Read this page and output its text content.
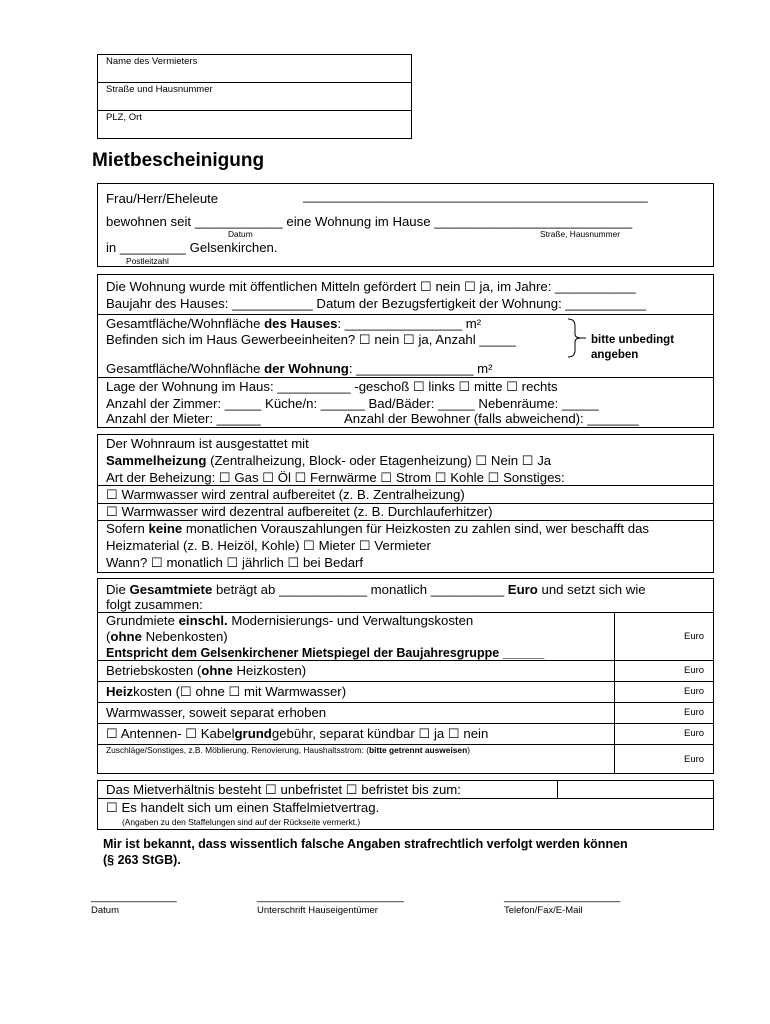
Name des Vermieters
Straße und Hausnummer
PLZ, Ort
Mietbescheinigung
Frau/Herr/Eheleute	_______________________________________________
bewohnen seit ____________ eine Wohnung im Hause ___________________________
Datum	Straße, Hausnummer
in _________ Gelsenkirchen.
Postleitzahl
Die Wohnung wurde mit öffentlichen Mitteln gefördert ☐ nein ☐ ja, im Jahre: ___________
Baujahr des Hauses: ___________ Datum der Bezugsfertigkeit der Wohnung: ___________
Gesamtfläche/Wohnfläche des Hauses: ________________ m²
Befinden sich im Haus Gewerbeeinheiten? ☐ nein ☐ ja, Anzahl _____	bitte unbedingt
angeben
Gesamtfläche/Wohnfläche der Wohnung: ________________ m²
Lage der Wohnung im Haus: __________ -geschoß ☐ links ☐ mitte ☐ rechts
Anzahl der Zimmer: _____ Küche/n: ______ Bad/Bäder: _____ Nebenräume: _____
Anzahl der Mieter: ______	Anzahl der Bewohner (falls abweichend): _______
Der Wohnraum ist ausgestattet mit
Sammelheizung (Zentralheizung, Block- oder Etagenheizung) ☐ Nein ☐ Ja
Art der Beheizung: ☐ Gas ☐ Öl ☐ Fernwärme ☐ Strom ☐ Kohle ☐ Sonstiges:
☐ Warmwasser wird zentral aufbereitet (z. B. Zentralheizung)
☐ Warmwasser wird dezentral aufbereitet (z. B. Durchlauferhitzer)
Sofern keine monatlichen Vorauszahlungen für Heizkosten zu zahlen sind, wer beschafft das
Heizmaterial (z. B. Heizöl, Kohle) ☐ Mieter ☐ Vermieter
Wann? ☐ monatlich ☐ jährlich ☐ bei Bedarf
Die Gesamtmiete beträgt ab ____________ monatlich __________ Euro und setzt sich wie
folgt zusammen:
Grundmiete einschl. Modernisierungs- und Verwaltungskosten
(ohne Nebenkosten)
Entspricht dem Gelsenkirchener Mietspiegel der Baujahresgruppe ______
Euro
Betriebskosten (ohne Heizkosten)	Euro
Heizkosten (☐ ohne ☐ mit Warmwasser)	Euro
Warmwasser, soweit separat erhoben	Euro
☐ Antennen- ☐ Kabelgrundgebühr, separat kündbar ☐ ja ☐ nein	Euro
Zuschläge/Sonstiges, z.B. Möblierung, Renovierung, Haushaltsstrom: (bitte getrennt ausweisen)
Euro
Das Mietverhältnis besteht ☐ unbefristet ☐ befristet bis zum:
☐ Es handelt sich um einen Staffelmietvertrag.
(Angaben zu den Staffelungen sind auf der Rückseite vermerkt.)
Mir ist bekannt, dass wissentlich falsche Angaben strafrechtlich verfolgt werden können
(§ 263 StGB).
______________
Datum
________________________
Unterschrift Hauseigentümer
___________________
Telefon/Fax/E-Mail
